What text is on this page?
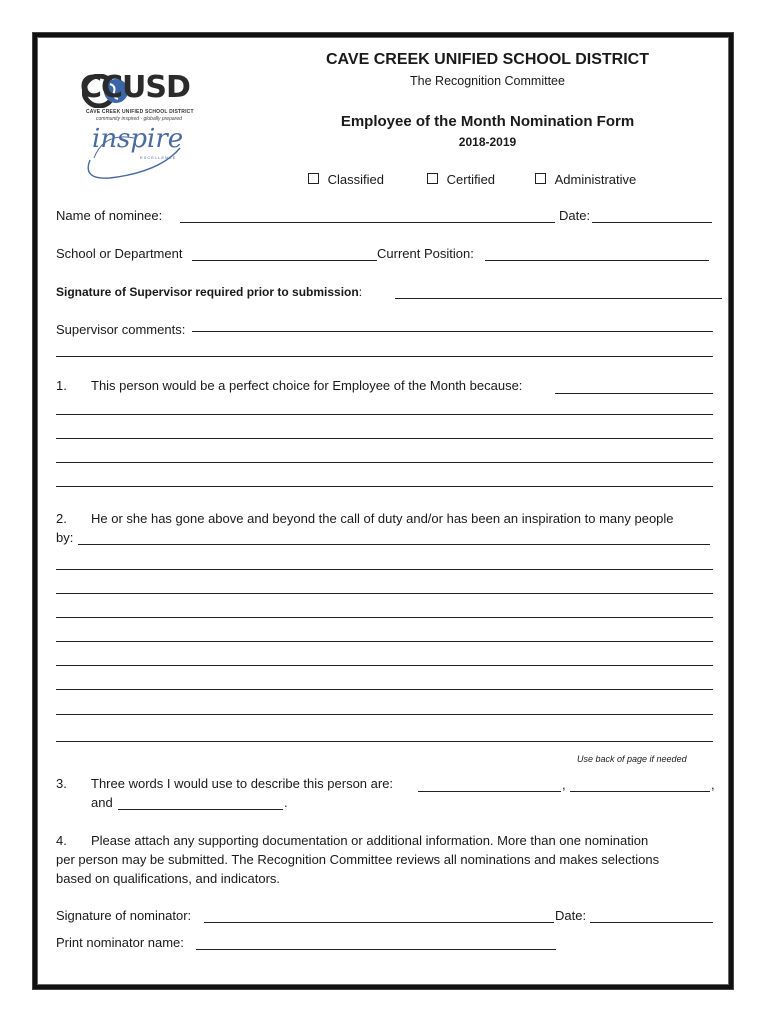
CCUSD
CAVE CREEK UNIFIED SCHOOL DISTRICT
community inspired · globally prepared
inspire
EXCELLENCE
CAVE CREEK UNIFIED SCHOOL DISTRICT
The Recognition Committee
Employee of the Month Nomination Form
2018-2019
Classified	Certified	Administrative
Name of nominee:	Date:
School or Department	Current Position:
Signature of Supervisor required prior to submission:
Supervisor comments:
1. This person would be a perfect choice for Employee of the Month because:
2. He or she has gone above and beyond the call of duty and/or has been an inspiration to many people
by:
Use back of page if needed
3. Three words I would use to describe this person are:	,	,
and	.
4. Please attach any supporting documentation or additional information. More than one nomination
per person may be submitted. The Recognition Committee reviews all nominations and makes selections
based on qualifications, and indicators.
Signature of nominator:	Date:
Print nominator name:
